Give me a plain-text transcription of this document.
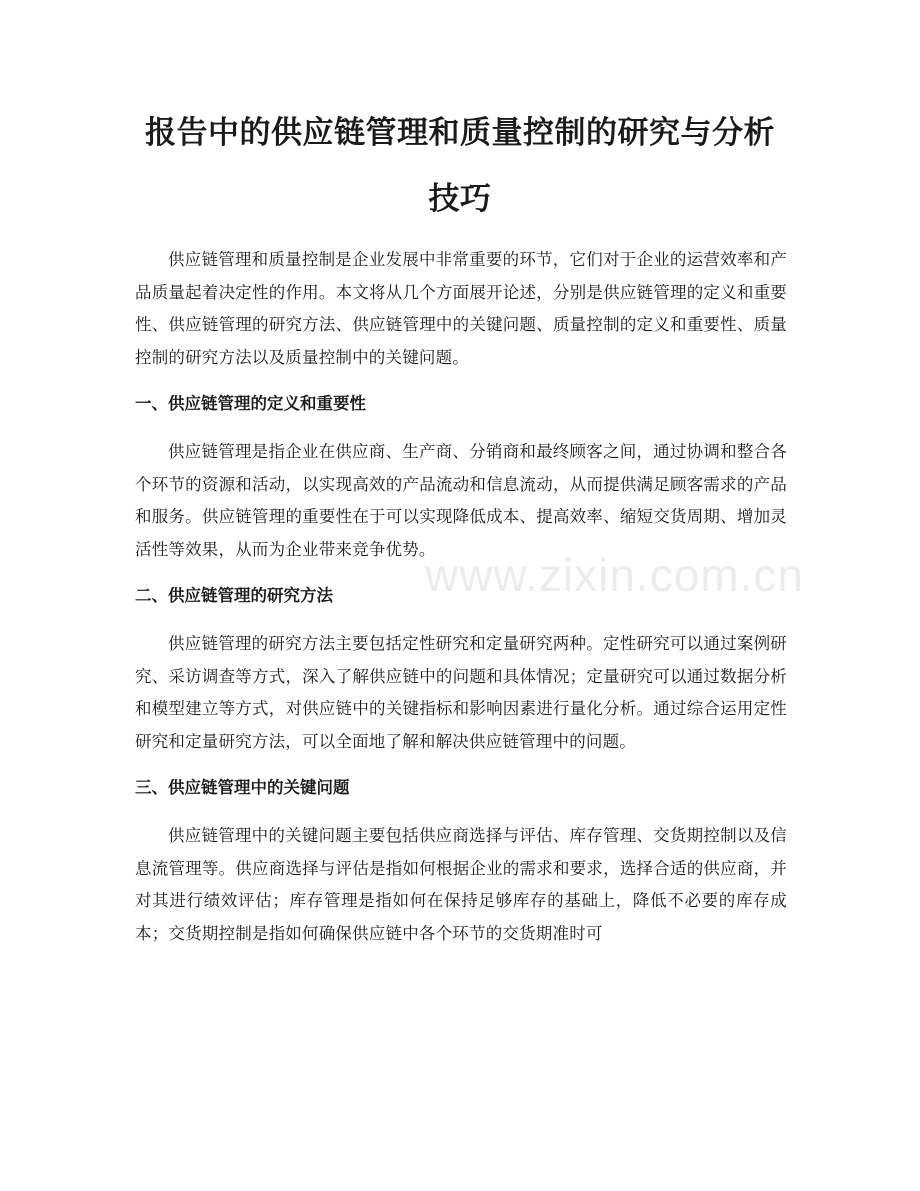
报告中的供应链管理和质量控制的研究与分析技巧

供应链管理和质量控制是企业发展中非常重要的环节，它们对于企业的运营效率和产品质量起着决定性的作用。本文将从几个方面展开论述，分别是供应链管理的定义和重要性、供应链管理的研究方法、供应链管理中的关键问题、质量控制的定义和重要性、质量控制的研究方法以及质量控制中的关键问题。

一、供应链管理的定义和重要性

供应链管理是指企业在供应商、生产商、分销商和最终顾客之间，通过协调和整合各个环节的资源和活动，以实现高效的产品流动和信息流动，从而提供满足顾客需求的产品和服务。供应链管理的重要性在于可以实现降低成本、提高效率、缩短交货周期、增加灵活性等效果，从而为企业带来竞争优势。

二、供应链管理的研究方法

供应链管理的研究方法主要包括定性研究和定量研究两种。定性研究可以通过案例研究、采访调查等方式，深入了解供应链中的问题和具体情况；定量研究可以通过数据分析和模型建立等方式，对供应链中的关键指标和影响因素进行量化分析。通过综合运用定性研究和定量研究方法，可以全面地了解和解决供应链管理中的问题。

三、供应链管理中的关键问题

供应链管理中的关键问题主要包括供应商选择与评估、库存管理、交货期控制以及信息流管理等。供应商选择与评估是指如何根据企业的需求和要求，选择合适的供应商，并对其进行绩效评估；库存管理是指如何在保持足够库存的基础上，降低不必要的库存成本；交货期控制是指如何确保供应链中各个环节的交货期准时可

www.zixin.com.cn
